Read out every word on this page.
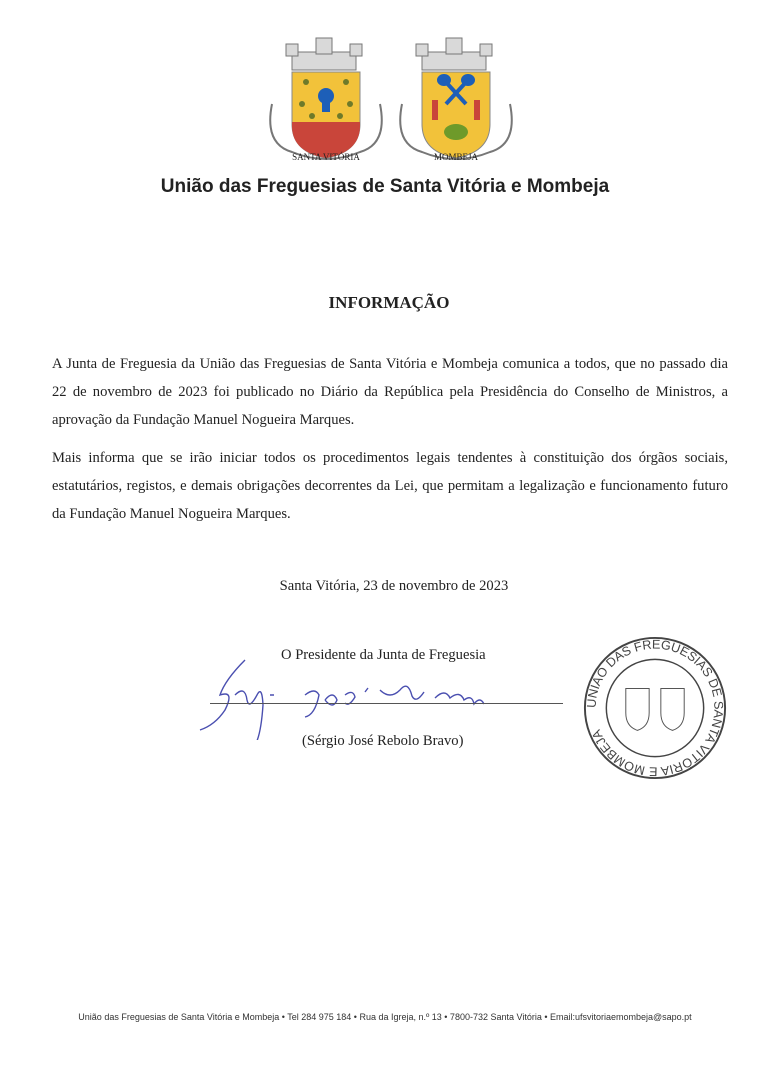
SANTA VITÓRIA	MOMBEJA
União das Freguesias de Santa Vitória e Mombeja
INFORMAÇÃO

A Junta de Freguesia da União das Freguesias de Santa Vitória e Mombeja comunica a todos, que no passado dia 22 de novembro de 2023 foi publicado no Diário da República pela Presidência do Conselho de Ministros, a aprovação da Fundação Manuel Nogueira Marques.

Mais informa que se irão iniciar todos os procedimentos legais tendentes à constituição dos órgãos sociais, estatutários, registos, e demais obrigações decorrentes da Lei, que permitam a legalização e funcionamento futuro da Fundação Manuel Nogueira Marques.

Santa Vitória, 23 de novembro de 2023
O Presidente da Junta de Freguesia
(Sérgio José Rebolo Bravo)
UNIÃO DAS FREGUESIAS DE SANTA VITÓRIA E MOMBEJA
União das Freguesias de Santa Vitória e Mombeja • Tel 284 975 184 • Rua da Igreja, n.º 13 • 7800-732 Santa Vitória • Email:ufsvitoriaemombeja@sapo.pt
